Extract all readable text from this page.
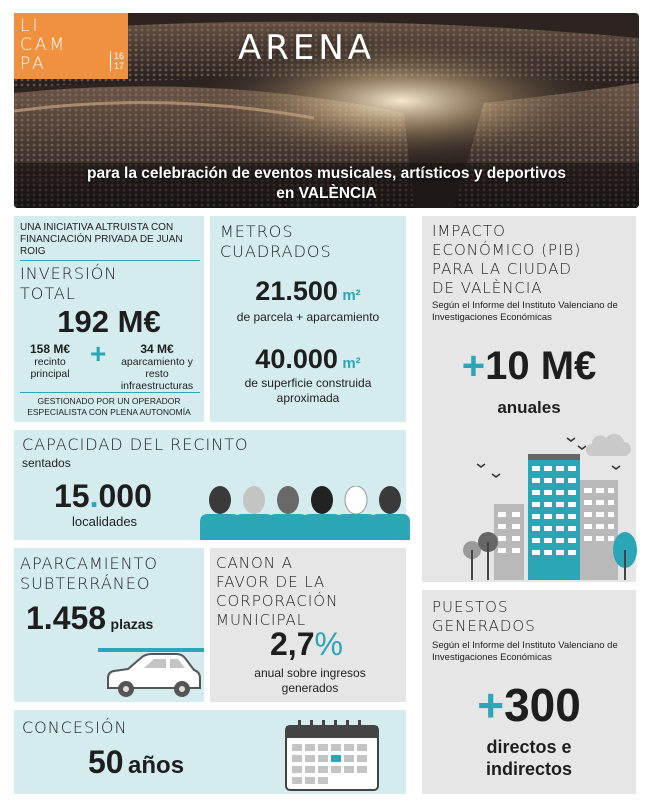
LI
CAM
PA	16
17	ARENA
para la celebración de eventos musicales, artísticos y deportivos
en VALÈNCIA
UNA INICIATIVA ALTRUISTA CON FINANCIACIÓN PRIVADA DE JUAN ROIG
INVERSIÓN
TOTAL
192 M€
158 M€
recinto principal
+	34 M€
aparcamiento y resto infraestructuras
GESTIONADO POR UN OPERADOR ESPECIALISTA CON PLENA AUTONOMÍA
METROS
CUADRADOS
21.500 m²
de parcela + aparcamiento
40.000 m²
de superficie construida aproximada
IMPACTO
ECONÓMICO (PIB)
PARA LA CIUDAD
DE VALÈNCIA
Según el Informe del Instituto Valenciano de Investigaciones Económicas
+10 M€
anuales
CAPACIDAD DEL RECINTO
sentados
15.000
localidades
APARCAMIENTO
SUBTERRÁNEO
1.458 plazas
CANON A
FAVOR DE LA
CORPORACIÓN
MUNICIPAL
2,7%
anual sobre ingresos generados
CONCESIÓN
50 años
PUESTOS
GENERADOS
Según el Informe del Instituto Valenciano de Investigaciones Económicas
+300
directos e indirectos
